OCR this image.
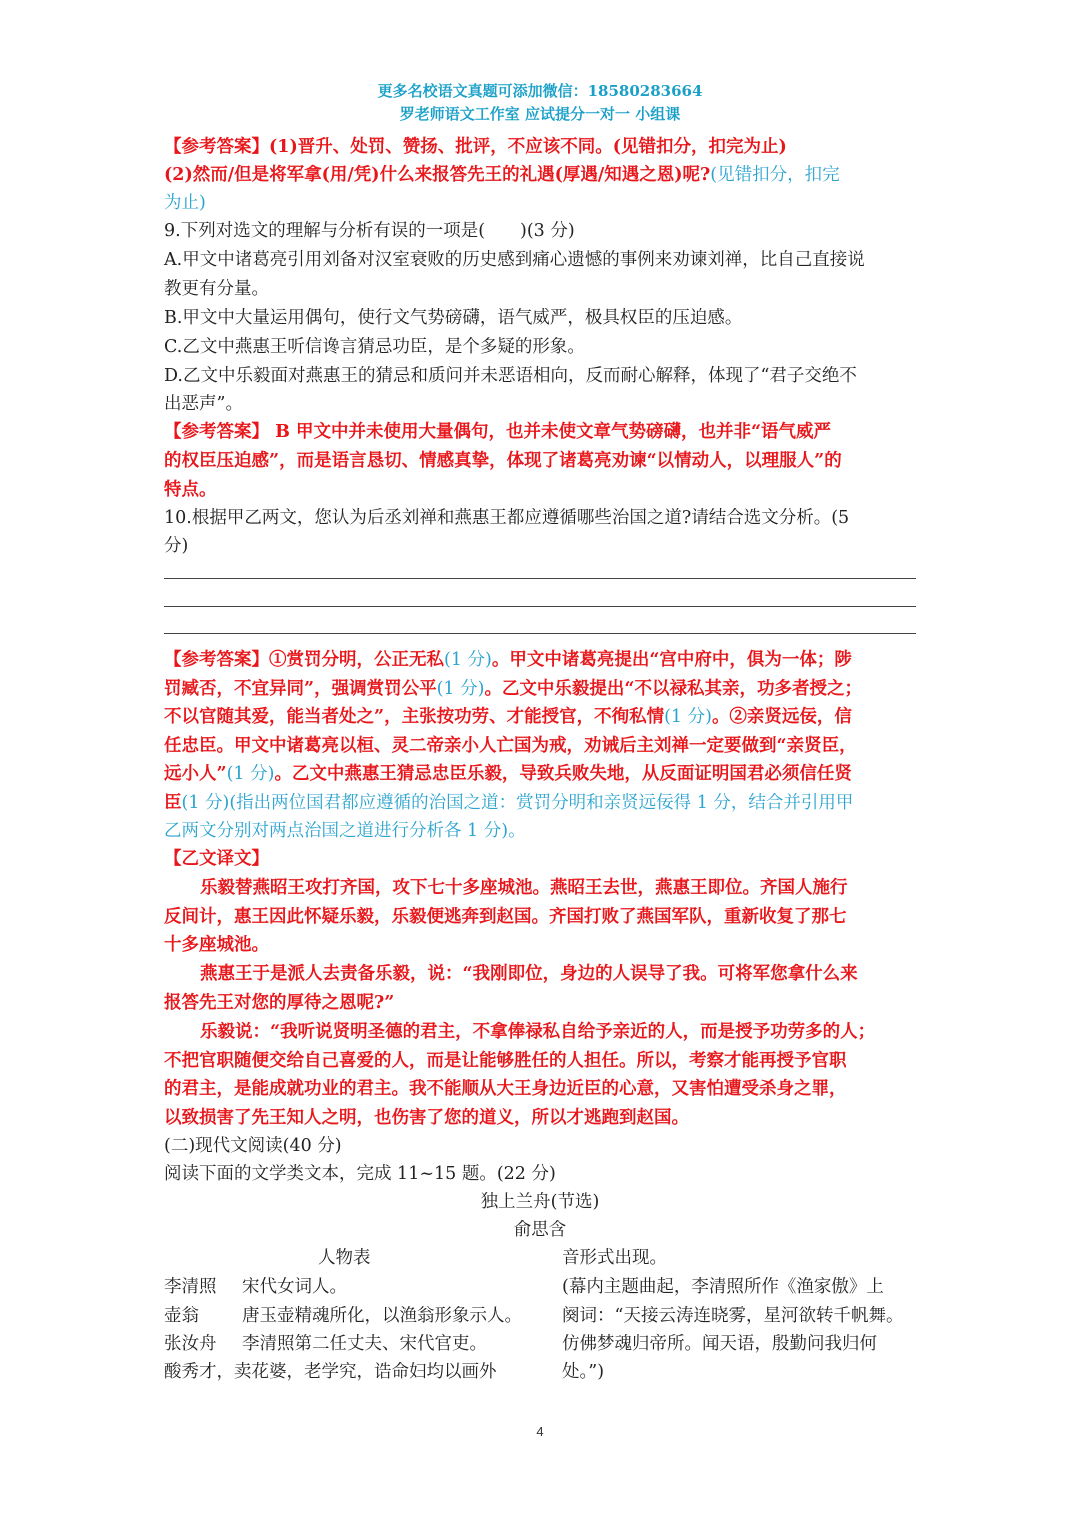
更多名校语文真题可添加微信：18580283664
罗老师语文工作室 应试提分一对一 小组课
【参考答案】(1)晋升、处罚、赞扬、批评，不应该不同。(见错扣分，扣完为止)
(2)然而/但是将军拿(用/凭)什么来报答先王的礼遇(厚遇/知遇之恩)呢?(见错扣分，扣完
为止)
9.下列对选文的理解与分析有误的一项是(　　)(3 分)
A.甲文中诸葛亮引用刘备对汉室衰败的历史感到痛心遗憾的事例来劝谏刘禅，比自己直接说
教更有分量。
B.甲文中大量运用偶句，使行文气势磅礴，语气威严，极具权臣的压迫感。
C.乙文中燕惠王听信谗言猜忌功臣，是个多疑的形象。
D.乙文中乐毅面对燕惠王的猜忌和质问并未恶语相向，反而耐心解释，体现了“君子交绝不
出恶声”。
【参考答案】 B 甲文中并未使用大量偶句，也并未使文章气势磅礴，也并非“语气威严
的权臣压迫感”，而是语言恳切、情感真挚，体现了诸葛亮劝谏“以情动人，以理服人”的
特点。
10.根据甲乙两文，您认为后丞刘禅和燕惠王都应遵循哪些治国之道?请结合选文分析。(5
分)
【参考答案】①赏罚分明，公正无私(1 分)。甲文中诸葛亮提出“宫中府中，俱为一体；陟
罚臧否，不宜异同”，强调赏罚公平(1 分)。乙文中乐毅提出“不以禄私其亲，功多者授之；
不以官随其爱，能当者处之”，主张按功劳、才能授官，不徇私情(1 分)。②亲贤远佞，信
任忠臣。甲文中诸葛亮以桓、灵二帝亲小人亡国为戒，劝诫后主刘禅一定要做到“亲贤臣，
远小人”(1 分)。乙文中燕惠王猜忌忠臣乐毅，导致兵败失地，从反面证明国君必须信任贤
臣(1 分)(指出两位国君都应遵循的治国之道：赏罚分明和亲贤远佞得 1 分，结合并引用甲
乙两文分别对两点治国之道进行分析各 1 分)。
【乙文译文】
乐毅替燕昭王攻打齐国，攻下七十多座城池。燕昭王去世，燕惠王即位。齐国人施行
反间计，惠王因此怀疑乐毅，乐毅便逃奔到赵国。齐国打败了燕国军队，重新收复了那七
十多座城池。
燕惠王于是派人去责备乐毅，说：“我刚即位，身边的人误导了我。可将军您拿什么来
报答先王对您的厚待之恩呢?”
乐毅说：“我听说贤明圣德的君主，不拿俸禄私自给予亲近的人，而是授予功劳多的人；
不把官职随便交给自己喜爱的人，而是让能够胜任的人担任。所以，考察才能再授予官职
的君主，是能成就功业的君主。我不能顺从大王身边近臣的心意，又害怕遭受杀身之罪，
以致损害了先王知人之明，也伤害了您的道义，所以才逃跑到赵国。
(二)现代文阅读(40 分)
阅读下面的文学类文本，完成 11~15 题。(22 分)
独上兰舟(节选)
俞思含
人物表
李清照 宋代女词人。
壶翁 唐玉壶精魂所化，以渔翁形象示人。
张汝舟 李清照第二任丈夫、宋代官吏。
酸秀才，卖花婆，老学究，诰命妇均以画外
音形式出现。
(幕内主题曲起，李清照所作《渔家傲》上
阕词：“天接云涛连晓雾，星河欲转千帆舞。
仿佛梦魂归帝所。闻天语，殷勤问我归何
处。”)
4
